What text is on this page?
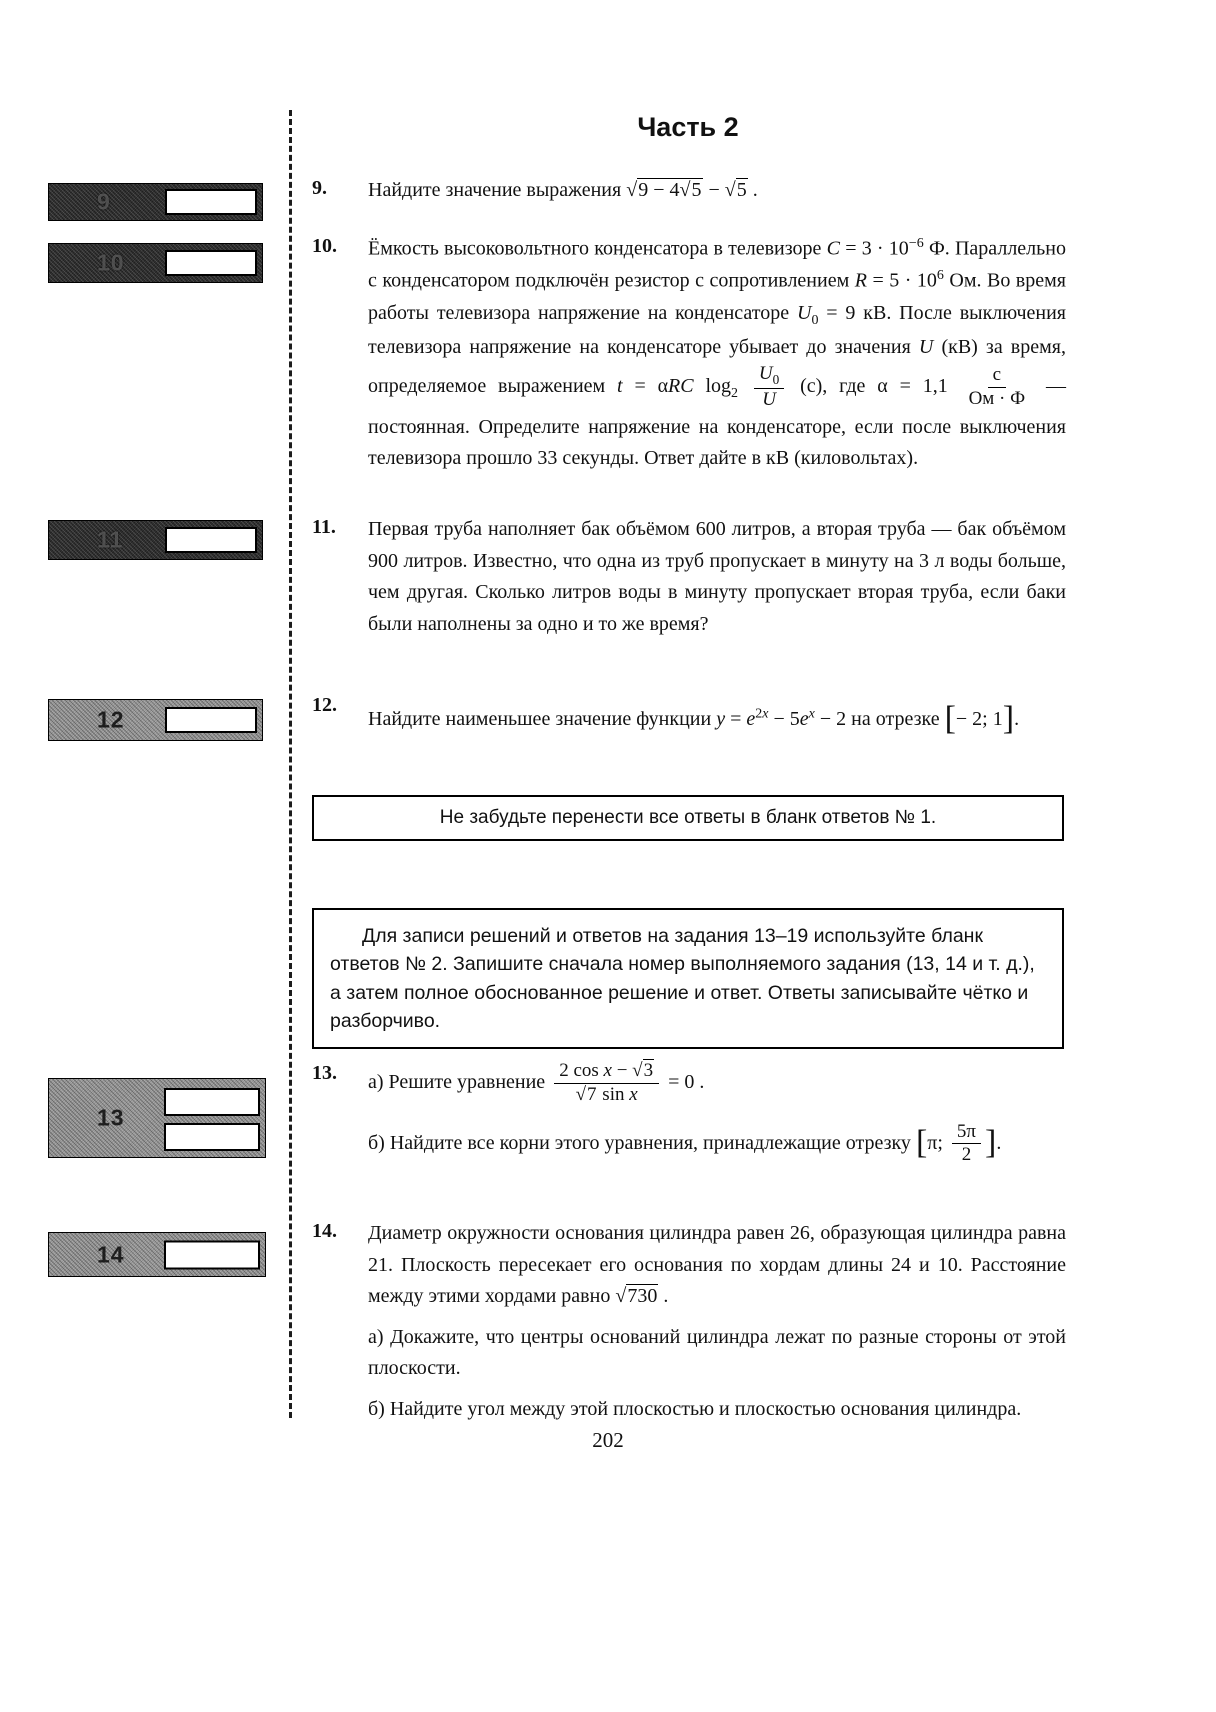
9
10
11
12
13
14
Часть 2
9. Найдите значение выражения √9 − 4√5 − √5 .

10. Ёмкость высоковольтного конденсатора в телевизоре $C = 3 \cdot 10^{-6}$ Ф. Параллельно с конденсатором подключён резистор с сопротивлением $R = 5 \cdot 10^6$ Ом. Во время работы телевизора напряжение на конденсаторе $U_0 = 9$ кВ. После выключения телевизора напряжение на конденсаторе убывает до значения U (кВ) за время, определяемое выражением t = αRC $\log_2 \frac{U_0}{U} (с)$, где $\alpha = 1,1 \frac{с}{Ом \cdot Ф}$ — постоянная. Определите напряжение на конденсаторе, если после выключения телевизора прошло 33 секунды. Ответ дайте в кВ (киловольтах).

11. Первая труба наполняет бак объёмом 600 литров, а вторая труба — бак объёмом 900 литров. Известно, что одна из труб пропускает в минуту на 3 л воды больше, чем другая. Сколько литров воды в минуту пропускает вторая труба, если баки были наполнены за одно и то же время?

12.

Найдите наименьшее значение функции $y = e^{2x} - 5e^x - 2$ на отрезке [− 2; 1].

Не забудьте перенести все ответы в бланк ответов № 1.

Для записи решений и ответов на задания 13–19 используйте бланк ответов № 2. Запишите сначала номер выполняемого задания (13, 14 и т. д.), а затем полное обоснованное решение и ответ. Ответы записывайте чётко и разборчиво.

13. а) Решите уравнение $\frac{\text{2 cos x − √3}}{\text{√7 sin x}} = 0$ .

б) Найдите все корни этого уравнения, принадлежащие отрезку [π; $\frac{5\pi}{2}$ ].

14. Диаметр окружности основания цилиндра равен 26, образующая цилиндра равна 21. Плоскость пересекает его основания по хордам длины 24 и 10. Расстояние между этими хордами равно √730 .

а) Докажите, что центры оснований цилиндра лежат по разные стороны от этой плоскости.

б) Найдите угол между этой плоскостью и плоскостью основания цилиндра.

202
